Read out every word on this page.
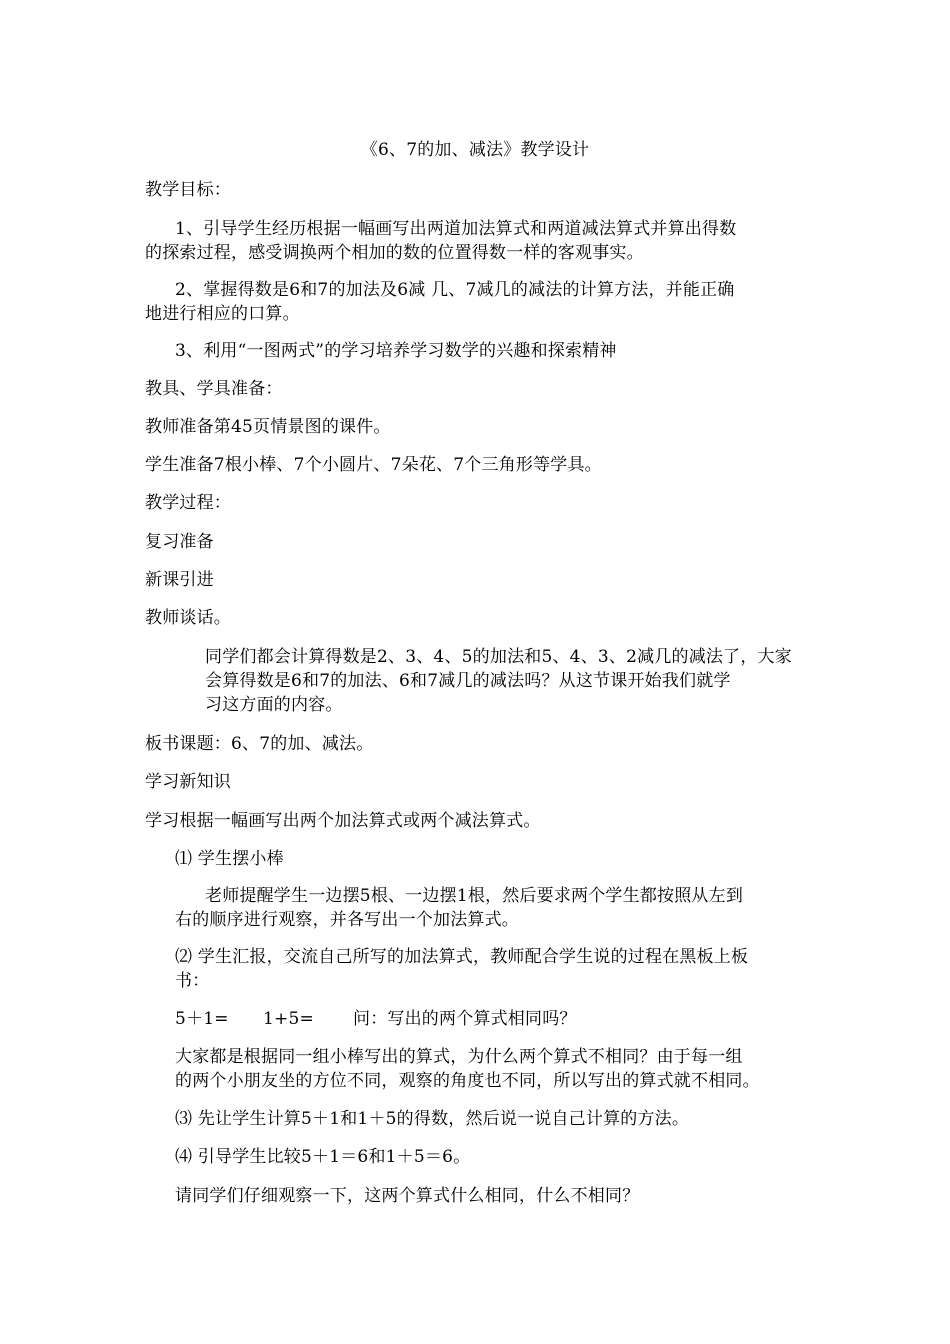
《6、7的加、减法》教学设计
教学目标：
1、引导学生经历根据一幅画写出两道加法算式和两道减法算式并算出得数
的探索过程，感受调换两个相加的数的位置得数一样的客观事实。
2、掌握得数是6和7的加法及6减 几、7减几的减法的计算方法，并能正确
地进行相应的口算。
3、利用“一图两式”的学习培养学习数学的兴趣和探索精神
教具、学具准备：
教师准备第45页情景图的课件。
学生准备7根小棒、7个小圆片、7朵花、7个三角形等学具。
教学过程：
复习准备
新课引进
教师谈话。
同学们都会计算得数是2、3、4、5的加法和5、4、3、2减几的减法了，大家
会算得数是6和7的加法、6和7减几的减法吗？从这节课开始我们就学
习这方面的内容。
板书课题：6、7的加、减法。
学习新知识
学习根据一幅画写出两个加法算式或两个减法算式。
⑴ 学生摆小棒
老师提醒学生一边摆5根、一边摆1根，然后要求两个学生都按照从左到
右的顺序进行观察，并各写出一个加法算式。
⑵ 学生汇报，交流自己所写的加法算式，教师配合学生说的过程在黑板上板
书：
5＋1= 1+5= 问：写出的两个算式相同吗？
大家都是根据同一组小棒写出的算式，为什么两个算式不相同？由于每一组
的两个小朋友坐的方位不同，观察的角度也不同，所以写出的算式就不相同。
⑶ 先让学生计算5＋1和1＋5的得数，然后说一说自己计算的方法。
⑷ 引导学生比较5＋1＝6和1＋5＝6。
请同学们仔细观察一下，这两个算式什么相同，什么不相同？
